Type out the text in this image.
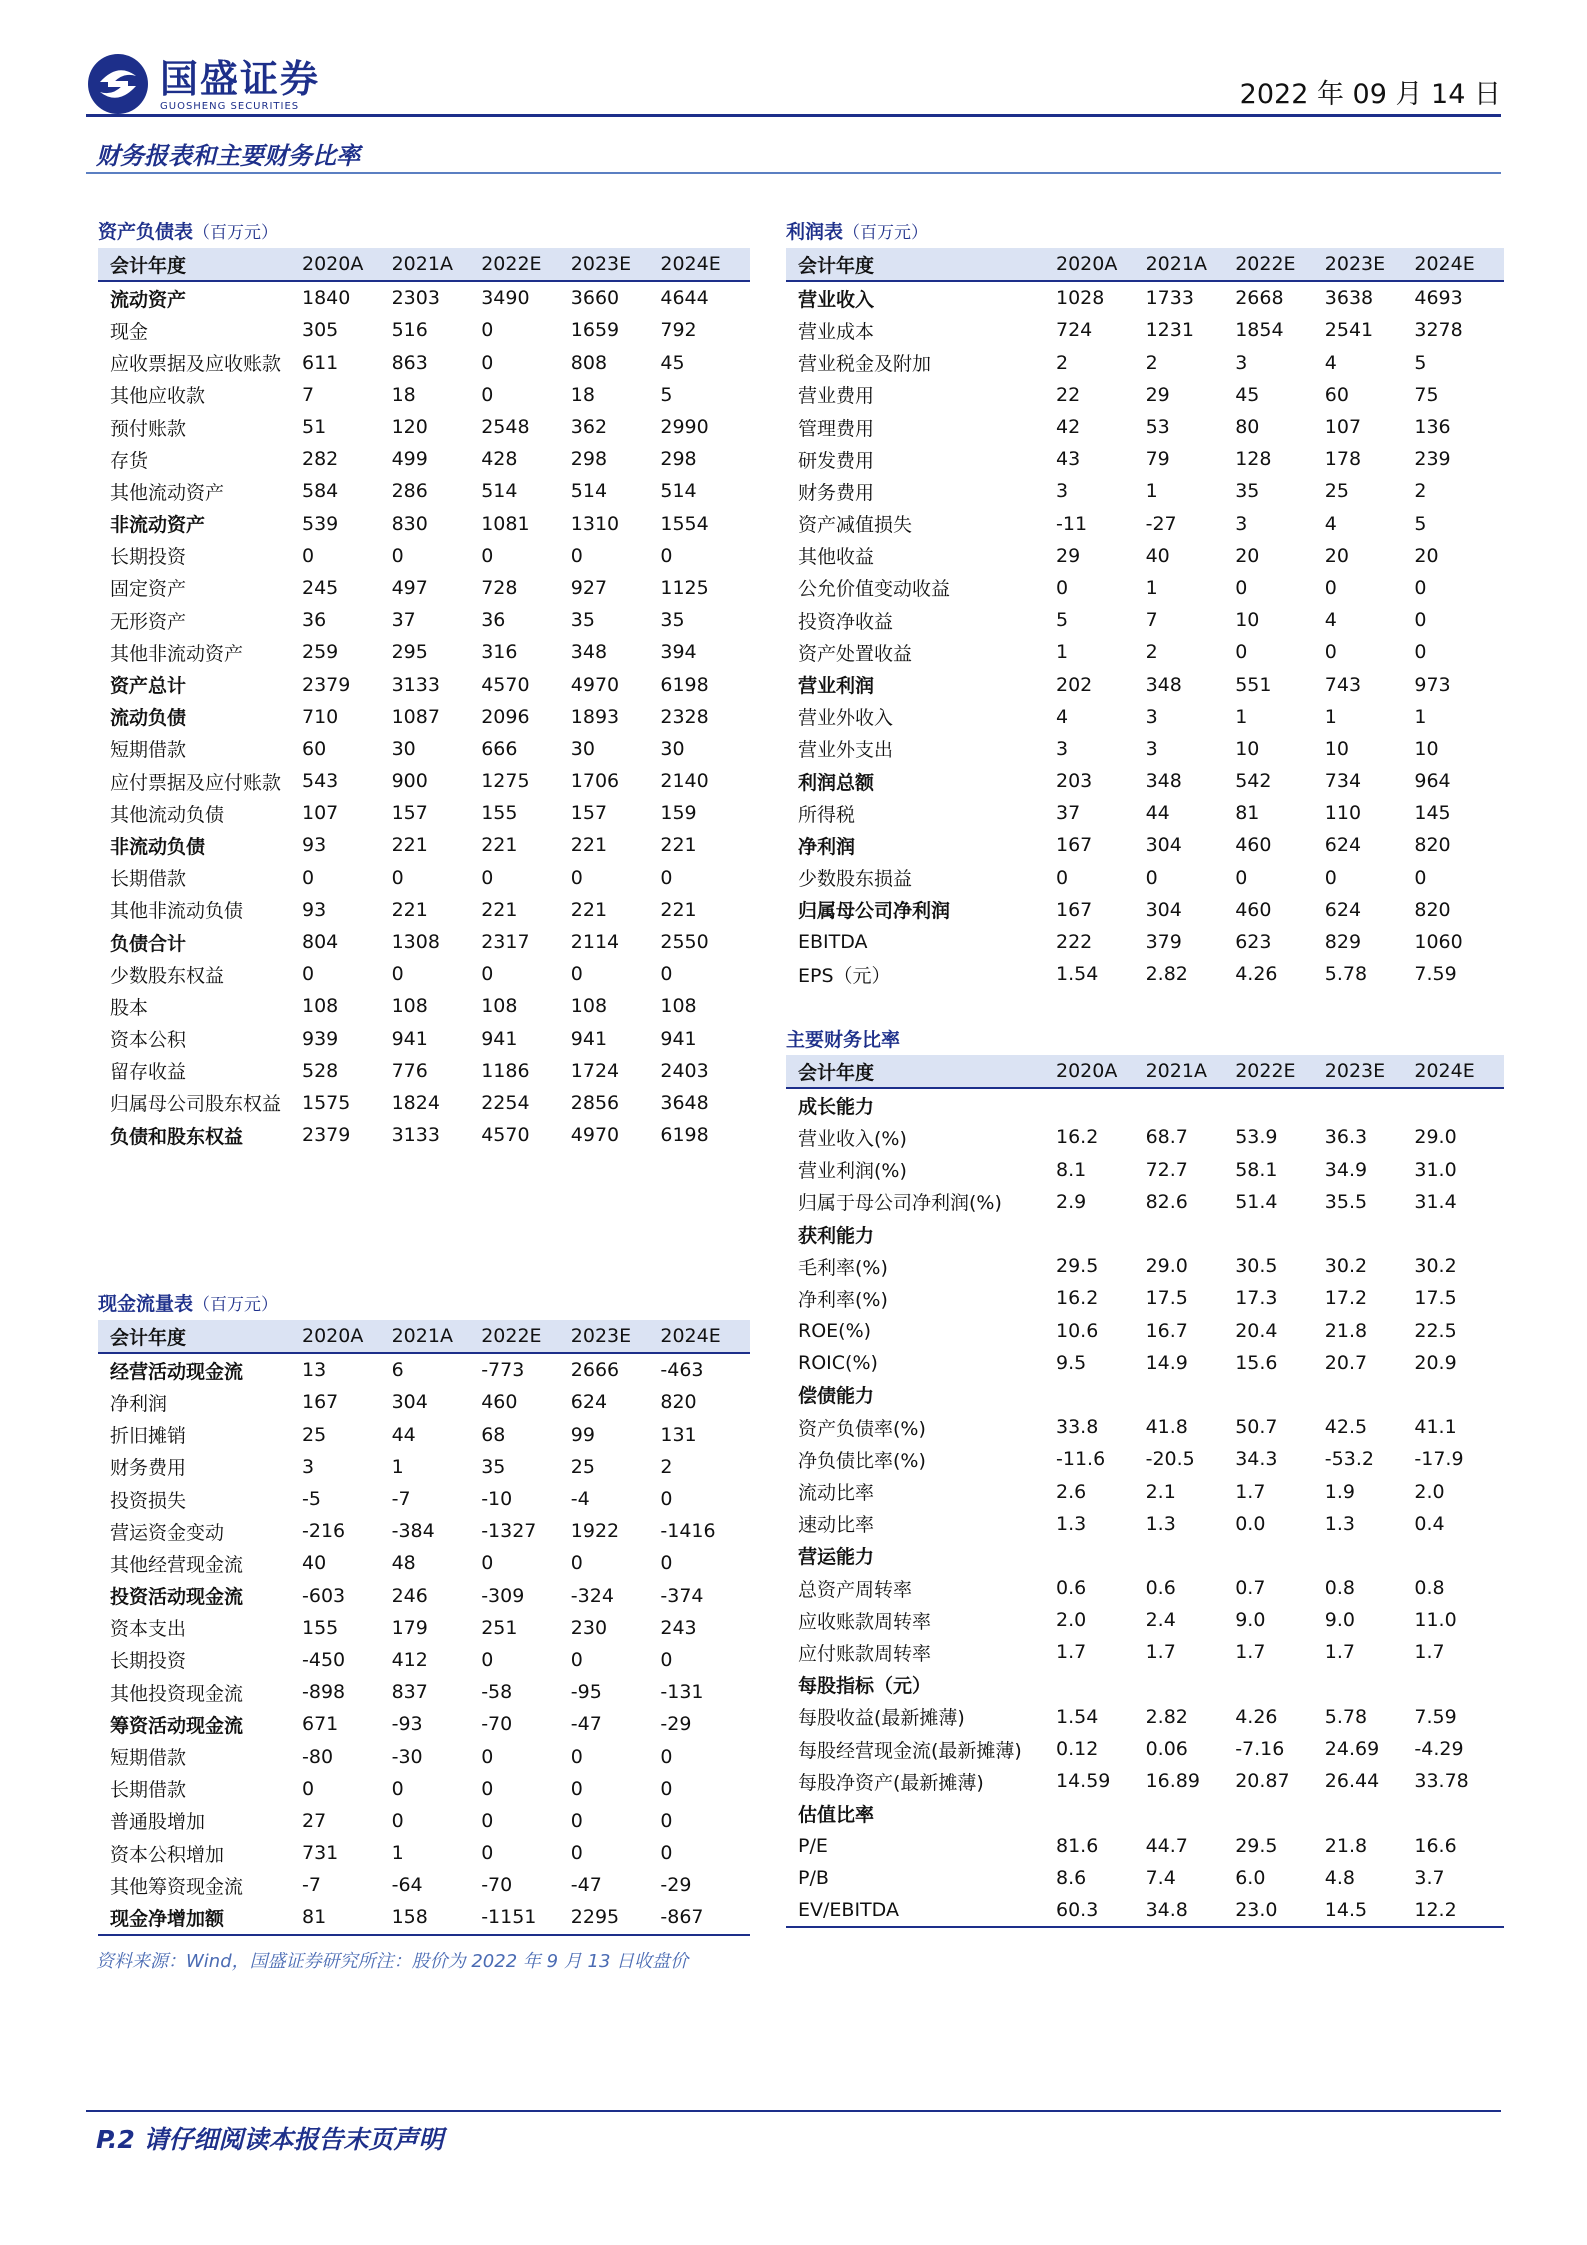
国盛证券
GUOSHENG SECURITIES	2022 年 09 月 14 日
财务报表和主要财务比率
资产负债表（百万元）
会计年度	2020A	2021A	2022E	2023E	2024E
流动资产	1840	2303	3490	3660	4644
现金	305	516	0	1659	792
应收票据及应收账款	611	863	0	808	45
其他应收款	7	18	0	18	5
预付账款	51	120	2548	362	2990
存货	282	499	428	298	298
其他流动资产	584	286	514	514	514
非流动资产	539	830	1081	1310	1554
长期投资	0	0	0	0	0
固定资产	245	497	728	927	1125
无形资产	36	37	36	35	35
其他非流动资产	259	295	316	348	394
资产总计	2379	3133	4570	4970	6198
流动负债	710	1087	2096	1893	2328
短期借款	60	30	666	30	30
应付票据及应付账款	543	900	1275	1706	2140
其他流动负债	107	157	155	157	159
非流动负债	93	221	221	221	221
长期借款	0	0	0	0	0
其他非流动负债	93	221	221	221	221
负债合计	804	1308	2317	2114	2550
少数股东权益	0	0	0	0	0
股本	108	108	108	108	108
资本公积	939	941	941	941	941
留存收益	528	776	1186	1724	2403
归属母公司股东权益	1575	1824	2254	2856	3648
负债和股东权益	2379	3133	4570	4970	6198
利润表（百万元）
会计年度	2020A	2021A	2022E	2023E	2024E
营业收入	1028	1733	2668	3638	4693
营业成本	724	1231	1854	2541	3278
营业税金及附加	2	2	3	4	5
营业费用	22	29	45	60	75
管理费用	42	53	80	107	136
研发费用	43	79	128	178	239
财务费用	3	1	35	25	2
资产减值损失	-11	-27	3	4	5
其他收益	29	40	20	20	20
公允价值变动收益	0	1	0	0	0
投资净收益	5	7	10	4	0
资产处置收益	1	2	0	0	0
营业利润	202	348	551	743	973
营业外收入	4	3	1	1	1
营业外支出	3	3	10	10	10
利润总额	203	348	542	734	964
所得税	37	44	81	110	145
净利润	167	304	460	624	820
少数股东损益	0	0	0	0	0
归属母公司净利润	167	304	460	624	820
EBITDA	222	379	623	829	1060
EPS（元）	1.54	2.82	4.26	5.78	7.59
主要财务比率
会计年度	2020A	2021A	2022E	2023E	2024E
成长能力					
营业收入(%)	16.2	68.7	53.9	36.3	29.0
营业利润(%)	8.1	72.7	58.1	34.9	31.0
归属于母公司净利润(%)	2.9	82.6	51.4	35.5	31.4
获利能力					
毛利率(%)	29.5	29.0	30.5	30.2	30.2
净利率(%)	16.2	17.5	17.3	17.2	17.5
ROE(%)	10.6	16.7	20.4	21.8	22.5
ROIC(%)	9.5	14.9	15.6	20.7	20.9
偿债能力					
资产负债率(%)	33.8	41.8	50.7	42.5	41.1
净负债比率(%)	-11.6	-20.5	34.3	-53.2	-17.9
流动比率	2.6	2.1	1.7	1.9	2.0
速动比率	1.3	1.3	0.0	1.3	0.4
营运能力					
总资产周转率	0.6	0.6	0.7	0.8	0.8
应收账款周转率	2.0	2.4	9.0	9.0	11.0
应付账款周转率	1.7	1.7	1.7	1.7	1.7
每股指标（元）					
每股收益(最新摊薄)	1.54	2.82	4.26	5.78	7.59
每股经营现金流(最新摊薄)	0.12	0.06	-7.16	24.69	-4.29
每股净资产(最新摊薄)	14.59	16.89	20.87	26.44	33.78
估值比率					
P/E	81.6	44.7	29.5	21.8	16.6
P/B	8.6	7.4	6.0	4.8	3.7
EV/EBITDA	60.3	34.8	23.0	14.5	12.2
现金流量表（百万元）
会计年度	2020A	2021A	2022E	2023E	2024E
经营活动现金流	13	6	-773	2666	-463
净利润	167	304	460	624	820
折旧摊销	25	44	68	99	131
财务费用	3	1	35	25	2
投资损失	-5	-7	-10	-4	0
营运资金变动	-216	-384	-1327	1922	-1416
其他经营现金流	40	48	0	0	0
投资活动现金流	-603	246	-309	-324	-374
资本支出	155	179	251	230	243
长期投资	-450	412	0	0	0
其他投资现金流	-898	837	-58	-95	-131
筹资活动现金流	671	-93	-70	-47	-29
短期借款	-80	-30	0	0	0
长期借款	0	0	0	0	0
普通股增加	27	0	0	0	0
资本公积增加	731	1	0	0	0
其他筹资现金流	-7	-64	-70	-47	-29
现金净增加额	81	158	-1151	2295	-867
资料来源：Wind，国盛证券研究所注：股价为 2022 年 9 月 13 日收盘价
P.2 请仔细阅读本报告末页声明
